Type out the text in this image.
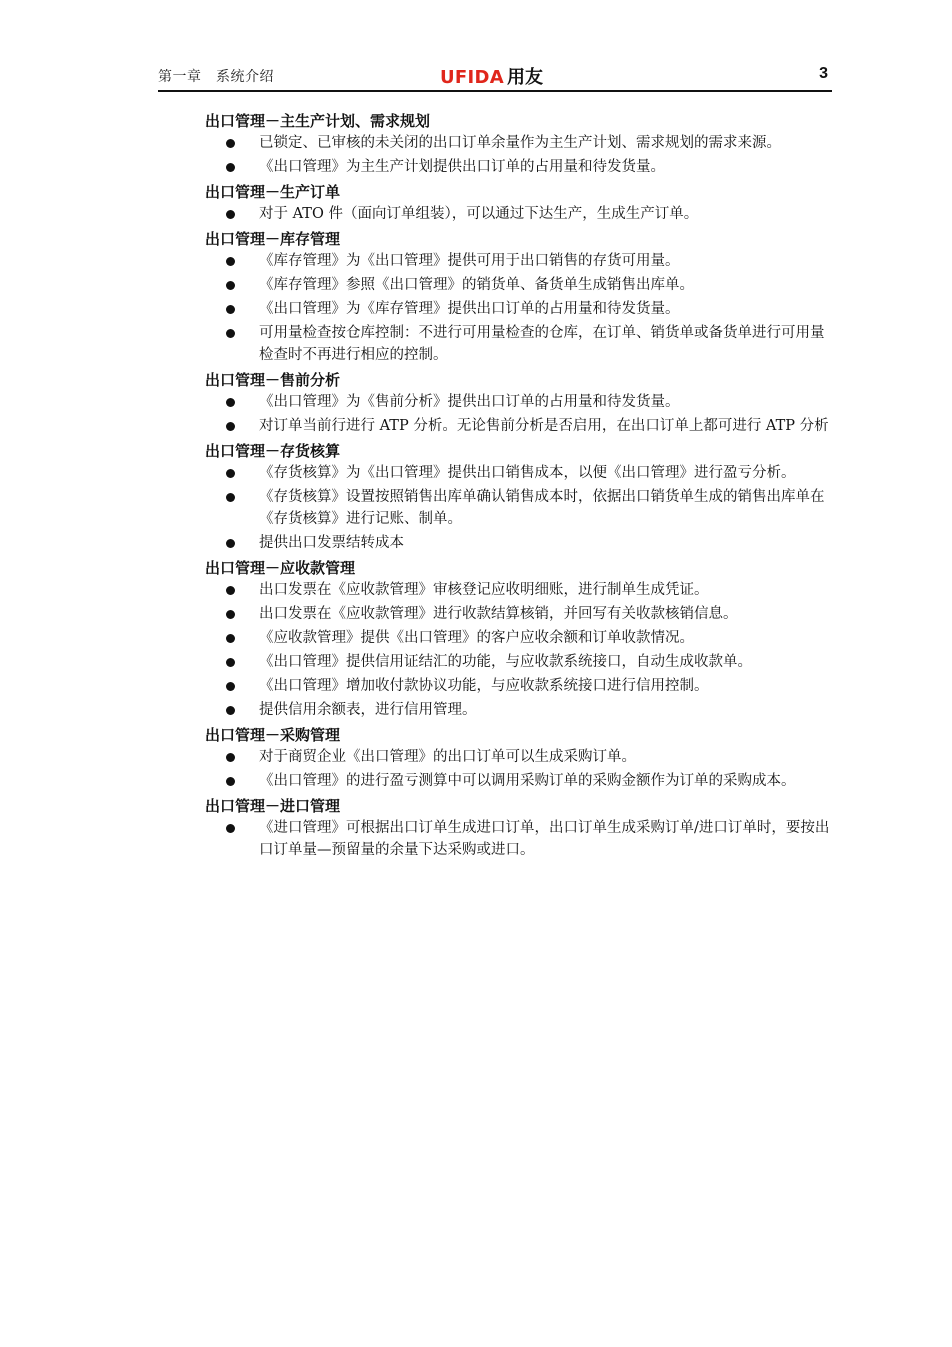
第一章　系统介绍	UFIDA 用友	3
出口管理－主生产计划、需求规划
已锁定、已审核的未关闭的出口订单余量作为主生产计划、需求规划的需求来源。
《出口管理》为主生产计划提供出口订单的占用量和待发货量。
出口管理－生产订单
对于 ATO 件（面向订单组装），可以通过下达生产，生成生产订单。
出口管理－库存管理
《库存管理》为《出口管理》提供可用于出口销售的存货可用量。
《库存管理》参照《出口管理》的销货单、备货单生成销售出库单。
《出口管理》为《库存管理》提供出口订单的占用量和待发货量。
可用量检查按仓库控制：不进行可用量检查的仓库，在订单、销货单或备货单进行可用量检查时不再进行相应的控制。
出口管理－售前分析
《出口管理》为《售前分析》提供出口订单的占用量和待发货量。
对订单当前行进行 ATP 分析。无论售前分析是否启用，在出口订单上都可进行 ATP 分析
出口管理－存货核算
《存货核算》为《出口管理》提供出口销售成本，以便《出口管理》进行盈亏分析。
《存货核算》设置按照销售出库单确认销售成本时，依据出口销货单生成的销售出库单在《存货核算》进行记账、制单。
提供出口发票结转成本
出口管理－应收款管理
出口发票在《应收款管理》审核登记应收明细账，进行制单生成凭证。
出口发票在《应收款管理》进行收款结算核销，并回写有关收款核销信息。
《应收款管理》提供《出口管理》的客户应收余额和订单收款情况。
《出口管理》提供信用证结汇的功能，与应收款系统接口，自动生成收款单。
《出口管理》增加收付款协议功能，与应收款系统接口进行信用控制。
提供信用余额表，进行信用管理。
出口管理－采购管理
对于商贸企业《出口管理》的出口订单可以生成采购订单。
《出口管理》的进行盈亏测算中可以调用采购订单的采购金额作为订单的采购成本。
出口管理－进口管理
《进口管理》可根据出口订单生成进口订单，出口订单生成采购订单/进口订单时，要按出口订单量—预留量的余量下达采购或进口。
